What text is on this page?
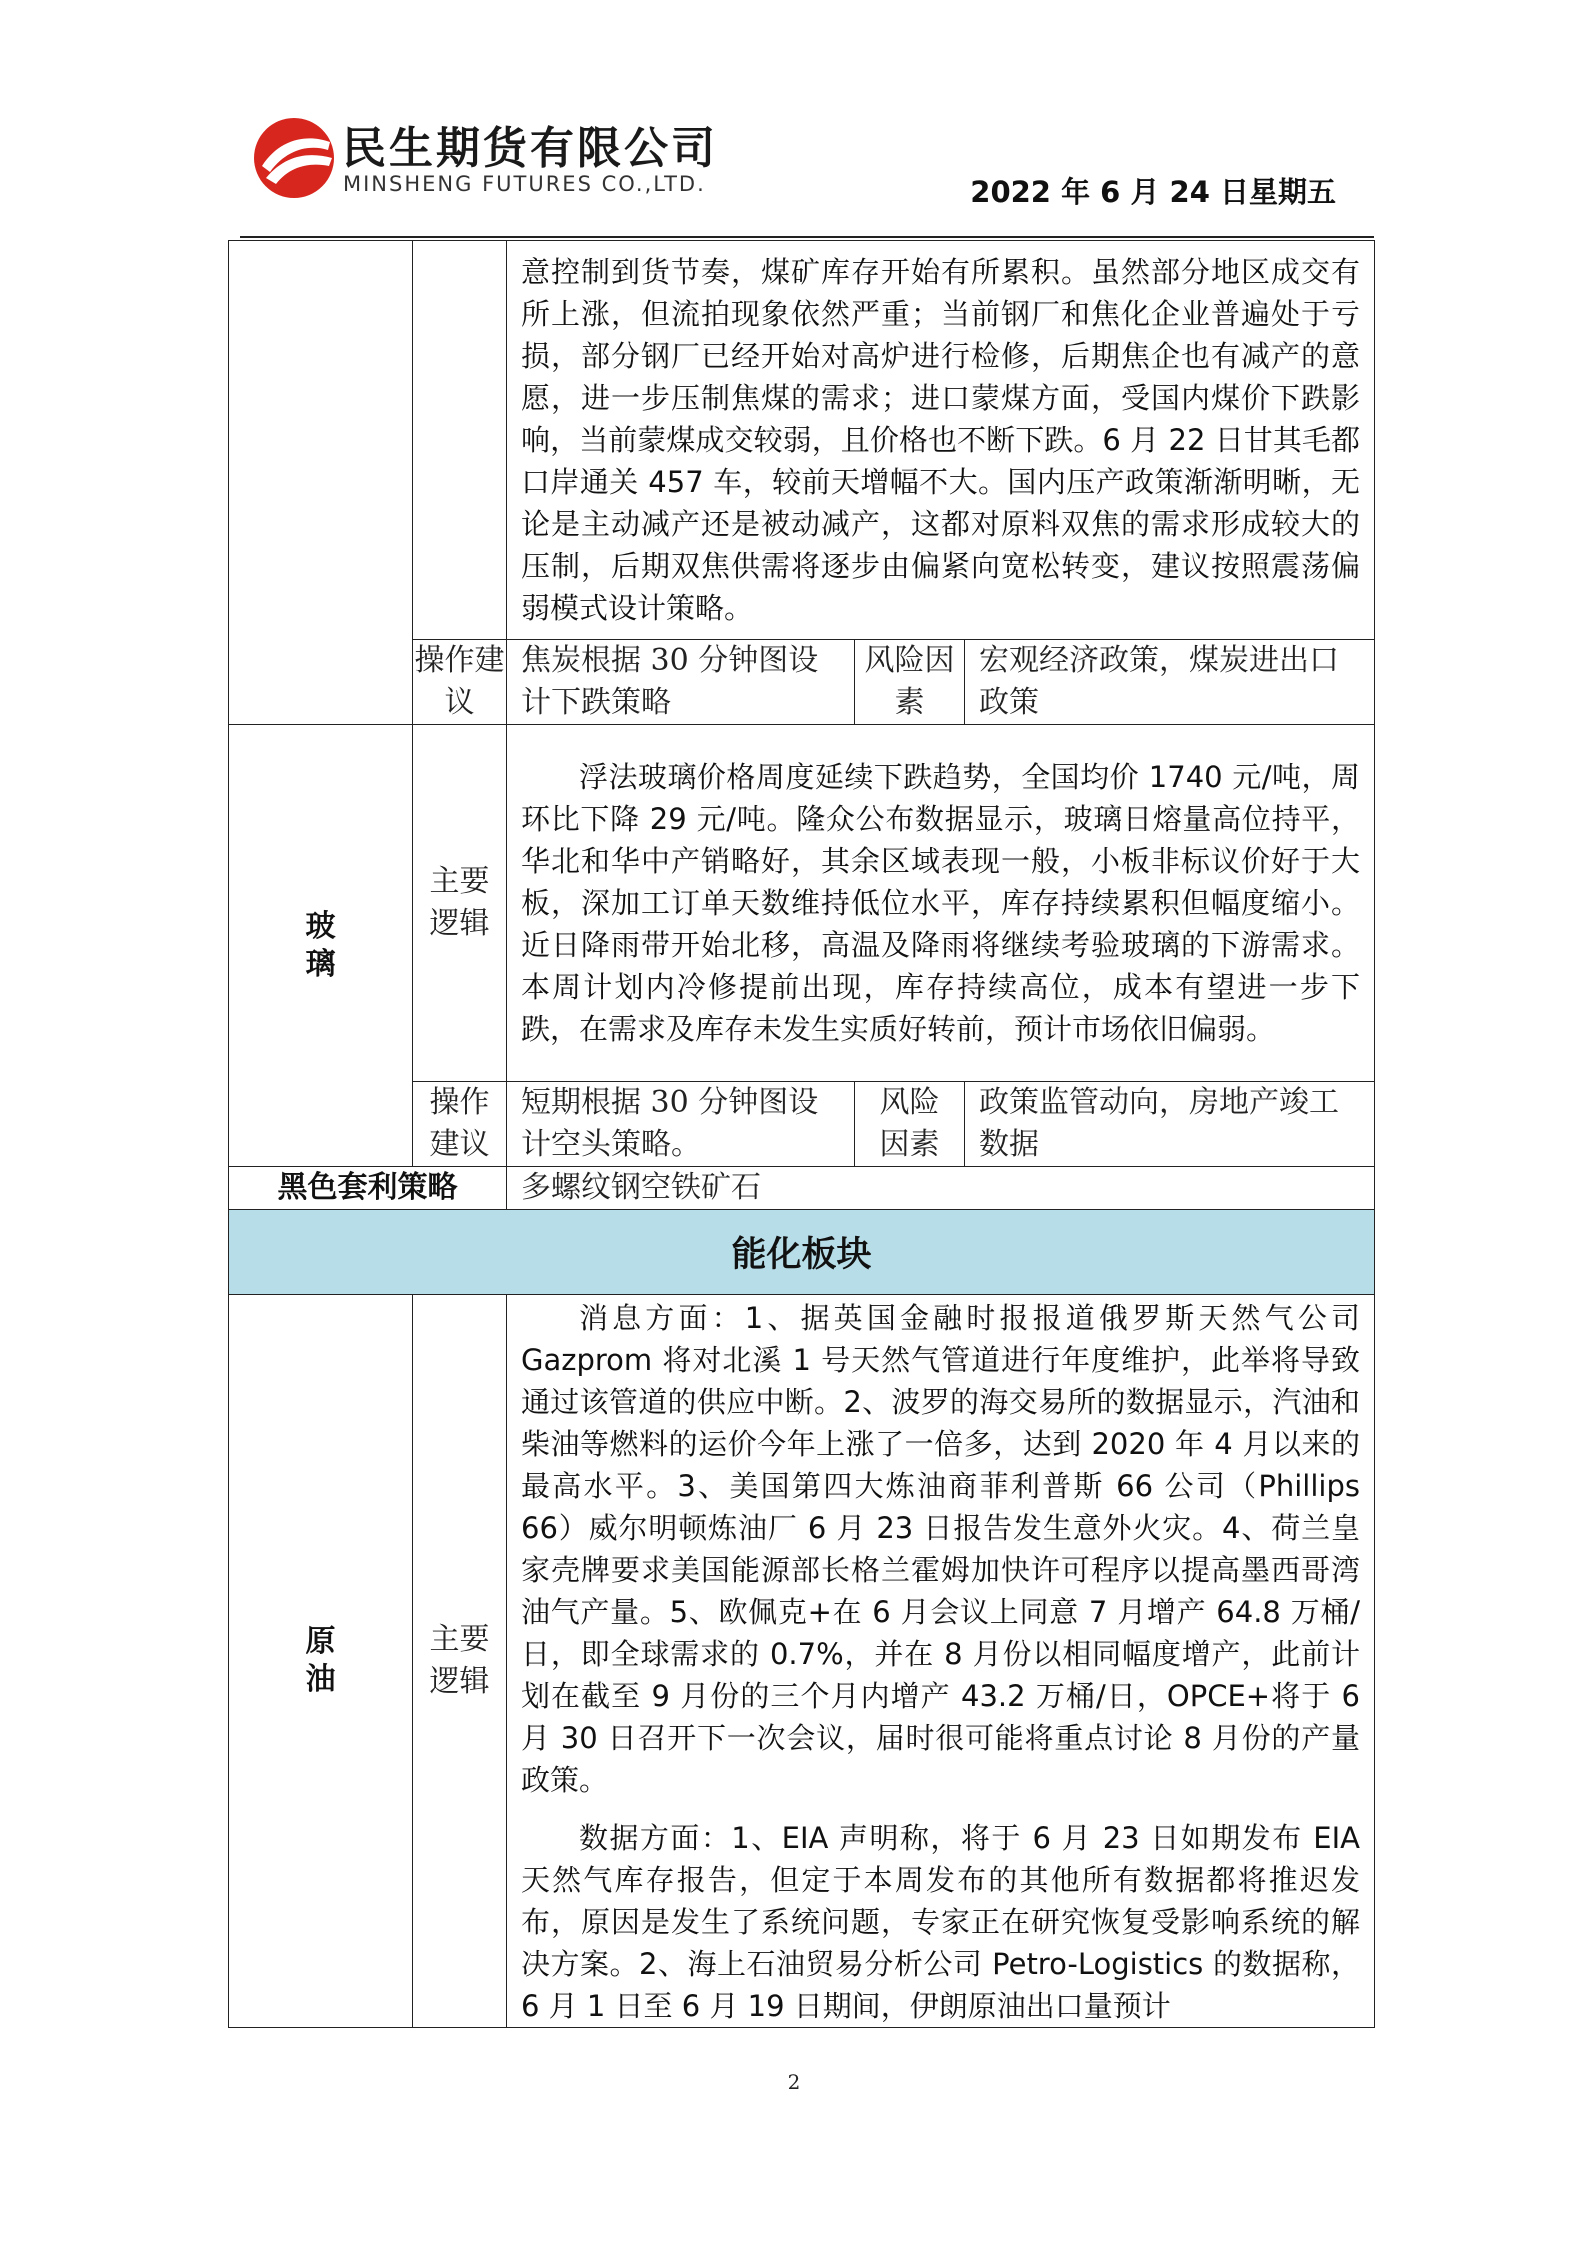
民生期货有限公司
MINSHENG FUTURES CO.,LTD.	2022 年 6 月 24 日星期五

		意控制到货节奏，煤矿库存开始有所累积。虽然部分地区成交有所上涨，但流拍现象依然严重；当前钢厂和焦化企业普遍处于亏损，部分钢厂已经开始对高炉进行检修，后期焦企也有减产的意愿，进一步压制焦煤的需求；进口蒙煤方面，受国内煤价下跌影响，当前蒙煤成交较弱，且价格也不断下跌。6 月 22 日甘其毛都口岸通关 457 车，较前天增幅不大。国内压产政策渐渐明晰，无论是主动减产还是被动减产，这都对原料双焦的需求形成较大的压制，后期双焦供需将逐步由偏紧向宽松转变，建议按照震荡偏弱模式设计策略。		

	操作建议	焦炭根据 30 分钟图设计下跌策略	风险因素	宏观经济政策，煤炭进出口政策
玻璃	主要逻辑	浮法玻璃价格周度延续下跌趋势，全国均价 1740 元/吨，周环比下降 29 元/吨。隆众公布数据显示，玻璃日熔量高位持平，华北和华中产销略好，其余区域表现一般，小板非标议价好于大板，深加工订单天数维持低位水平，库存持续累积但幅度缩小。近日降雨带开始北移，高温及降雨将继续考验玻璃的下游需求。本周计划内冷修提前出现，库存持续高位，成本有望进一步下跌，在需求及库存未发生实质好转前，预计市场依旧偏弱。		

	操作建议	短期根据 30 分钟图设计空头策略。	风险因素	政策监管动向，房地产竣工数据
黑色套利策略		多螺纹钢空铁矿石		
能化板块				
原油	主要逻辑	消息方面：1、据英国金融时报报道俄罗斯天然气公司 Gazprom 将对北溪 1 号天然气管道进行年度维护，此举将导致通过该管道的供应中断。2、波罗的海交易所的数据显示，汽油和柴油等燃料的运价今年上涨了一倍多，达到 2020 年 4 月以来的最高水平。3、美国第四大炼油商菲利普斯 66 公司（Phillips 66）威尔明顿炼油厂 6 月 23 日报告发生意外火灾。4、荷兰皇家壳牌要求美国能源部长格兰霍姆加快许可程序以提高墨西哥湾油气产量。5、欧佩克+在 6 月会议上同意 7 月增产 64.8 万桶/日，即全球需求的 0.7%，并在 8 月份以相同幅度增产，此前计划在截至 9 月份的三个月内增产 43.2 万桶/日，OPCE+将于 6 月 30 日召开下一次会议，届时很可能将重点讨论 8 月份的产量政策。

数据方面：1、EIA 声明称，将于 6 月 23 日如期发布 EIA 天然气库存报告，但定于本周发布的其他所有数据都将推迟发布，原因是发生了系统问题，专家正在研究恢复受影响系统的解决方案。2、海上石油贸易分析公司 Petro-Logistics 的数据称，6 月 1 日至 6 月 19 日期间，伊朗原油出口量预计		

2
